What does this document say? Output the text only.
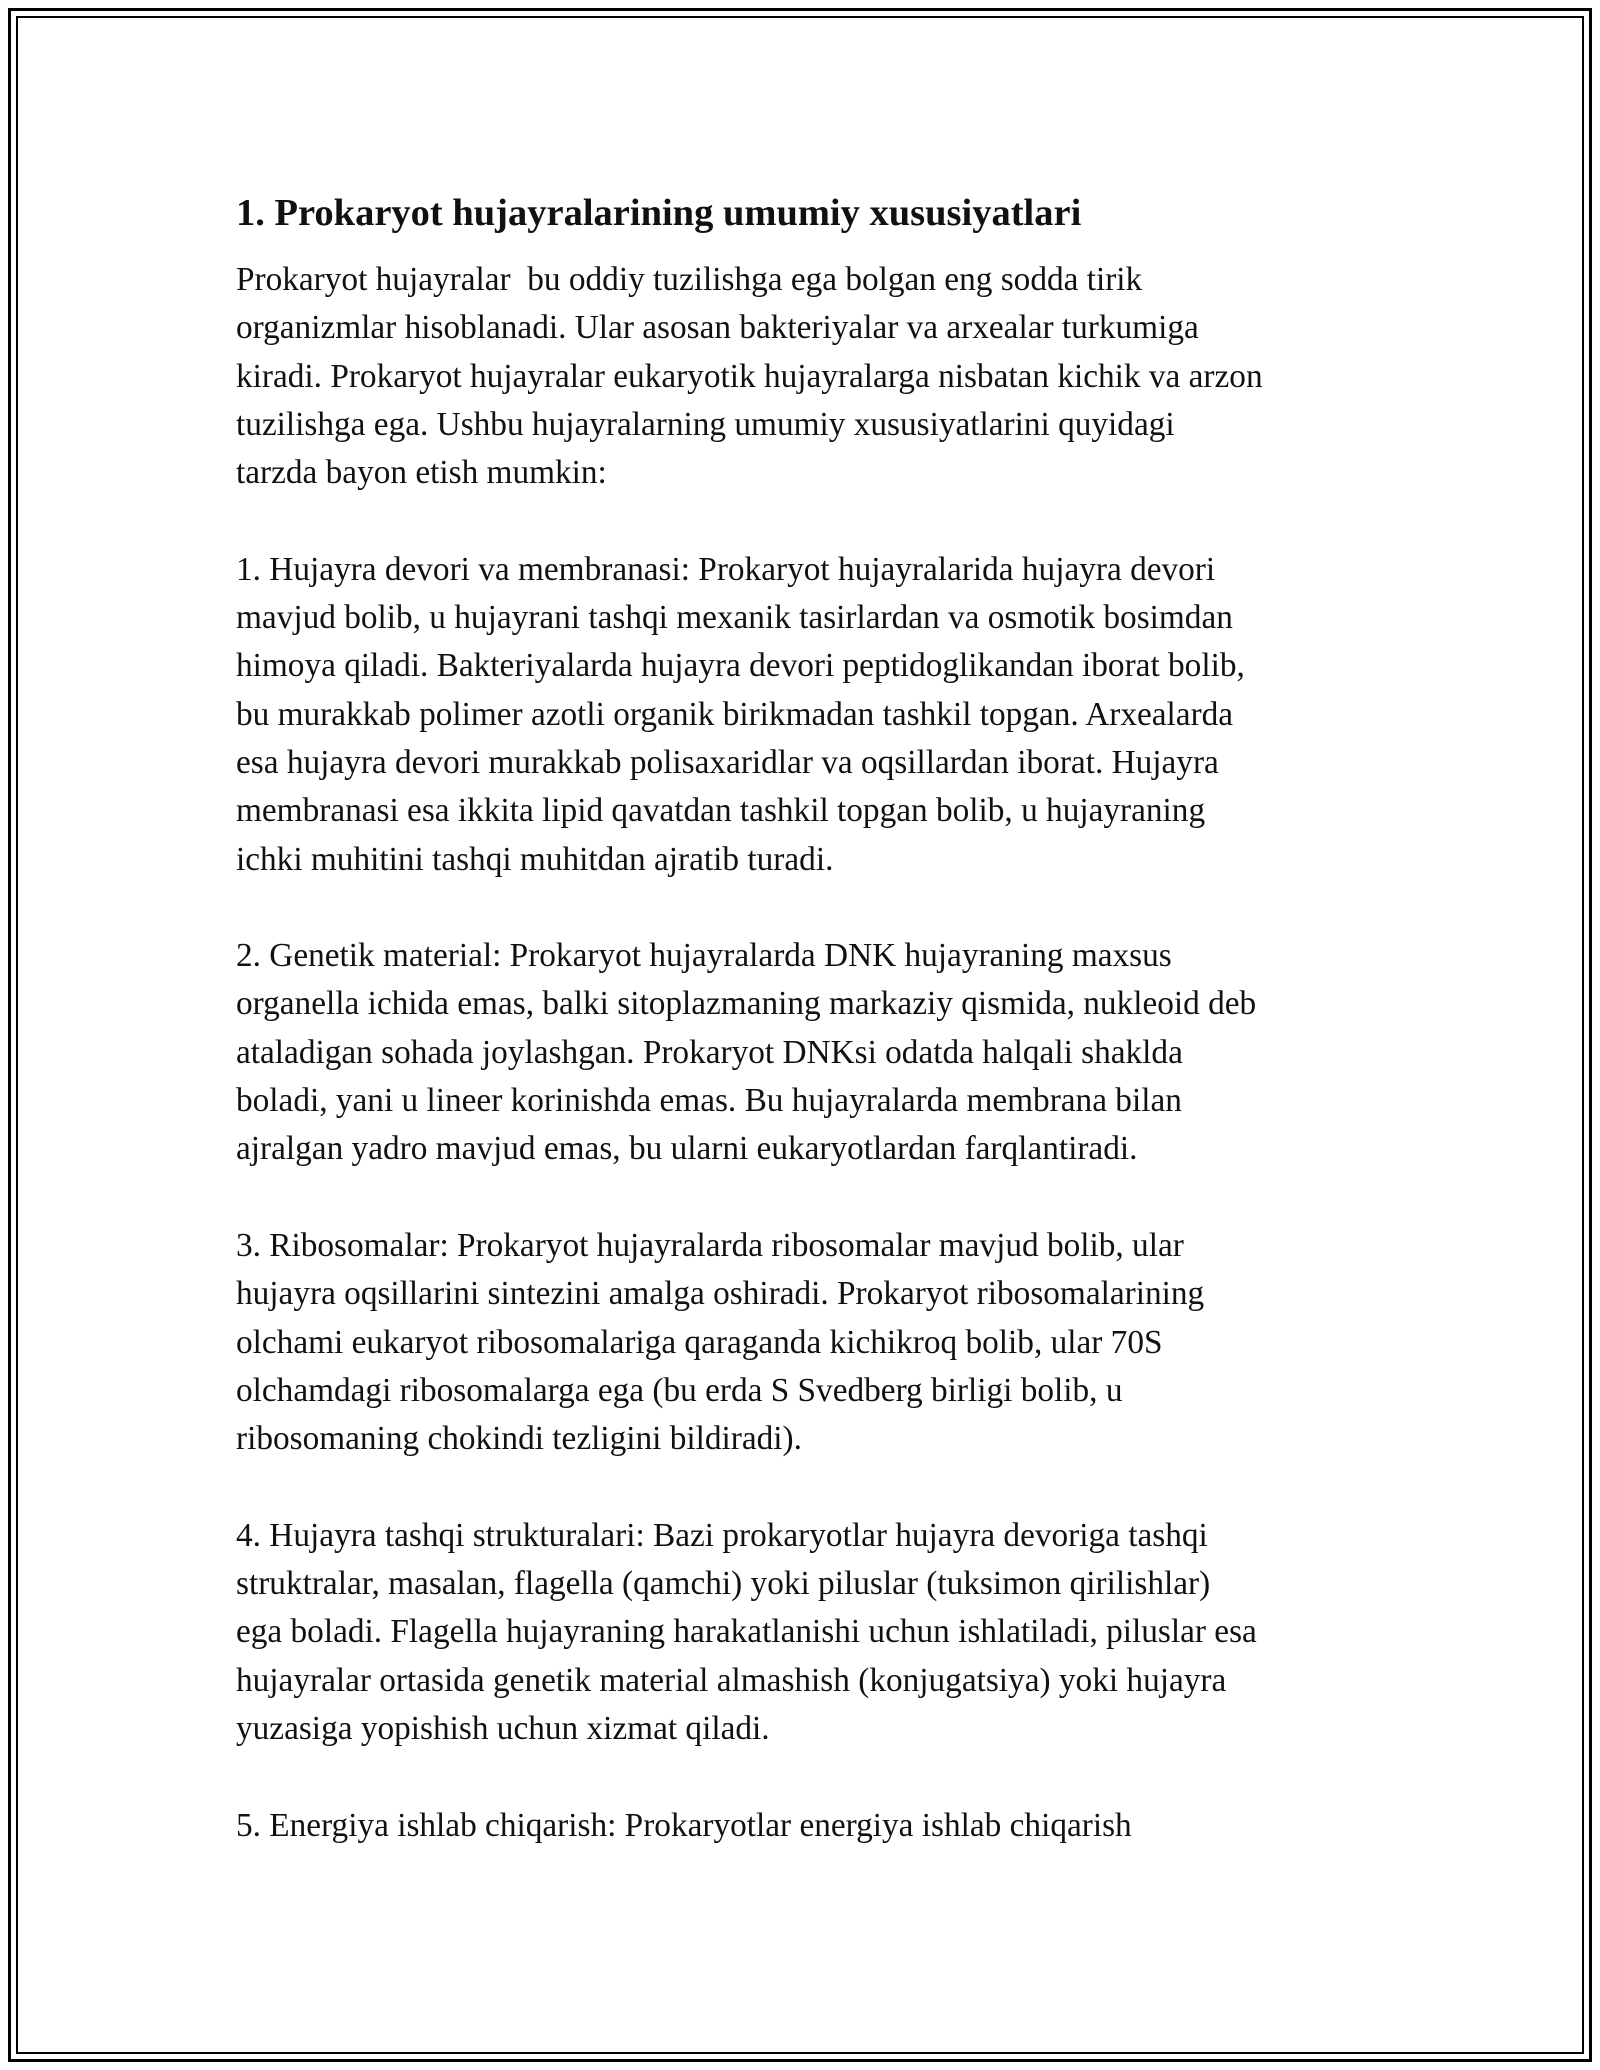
1. Prokaryot hujayralarining umumiy xususiyatlari
Prokaryot hujayralar  bu oddiy tuzilishga ega bolgan eng sodda tirik
organizmlar hisoblanadi. Ular asosan bakteriyalar va arxealar turkumiga
kiradi. Prokaryot hujayralar eukaryotik hujayralarga nisbatan kichik va arzon
tuzilishga ega. Ushbu hujayralarning umumiy xususiyatlarini quyidagi
tarzda bayon etish mumkin:
1. Hujayra devori va membranasi: Prokaryot hujayralarida hujayra devori
mavjud bolib, u hujayrani tashqi mexanik tasirlardan va osmotik bosimdan
himoya qiladi. Bakteriyalarda hujayra devori peptidoglikandan iborat bolib,
bu murakkab polimer azotli organik birikmadan tashkil topgan. Arxealarda
esa hujayra devori murakkab polisaxaridlar va oqsillardan iborat. Hujayra
membranasi esa ikkita lipid qavatdan tashkil topgan bolib, u hujayraning
ichki muhitini tashqi muhitdan ajratib turadi.
2. Genetik material: Prokaryot hujayralarda DNK hujayraning maxsus
organella ichida emas, balki sitoplazmaning markaziy qismida, nukleoid deb
ataladigan sohada joylashgan. Prokaryot DNKsi odatda halqali shaklda
boladi, yani u lineer korinishda emas. Bu hujayralarda membrana bilan
ajralgan yadro mavjud emas, bu ularni eukaryotlardan farqlantiradi.
3. Ribosomalar: Prokaryot hujayralarda ribosomalar mavjud bolib, ular
hujayra oqsillarini sintezini amalga oshiradi. Prokaryot ribosomalarining
olchami eukaryot ribosomalariga qaraganda kichikroq bolib, ular 70S
olchamdagi ribosomalarga ega (bu erda S Svedberg birligi bolib, u
ribosomaning chokindi tezligini bildiradi).
4. Hujayra tashqi strukturalari: Bazi prokaryotlar hujayra devoriga tashqi
struktralar, masalan, flagella (qamchi) yoki piluslar (tuksimon qirilishlar)
ega boladi. Flagella hujayraning harakatlanishi uchun ishlatiladi, piluslar esa
hujayralar ortasida genetik material almashish (konjugatsiya) yoki hujayra
yuzasiga yopishish uchun xizmat qiladi.
5. Energiya ishlab chiqarish: Prokaryotlar energiya ishlab chiqarish
